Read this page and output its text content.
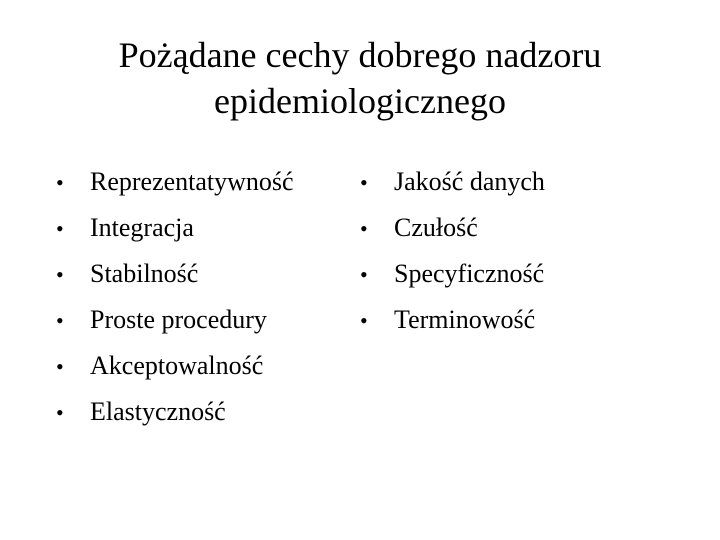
Pożądane cechy dobrego nadzoru
epidemiologicznego
•	Reprezentatywność
•	Integracja
•	Stabilność
•	Proste procedury
•	Akceptowalność
•	Elastyczność
•	Jakość danych
•	Czułość
•	Specyficzność
•	Terminowość
